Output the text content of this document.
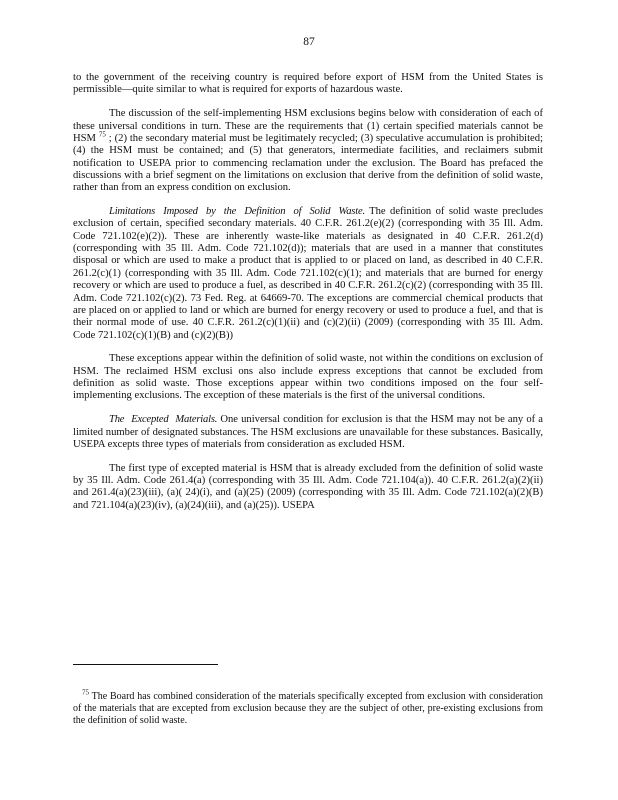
87

to the government of the receiving country is required before export of HSM from the United States is permissible—quite similar to what is required for exports of hazardous waste.

The discussion of the self-implementing HSM exclusions begins below with consideration of each of these universal conditions in turn. These are the requirements that (1) certain specified materials cannot be HSM $^{75}$ ; (2) the secondary material must be legitimately recycled; (3) speculative accumulation is prohibited; (4) the HSM must be contained; and (5) that generators, intermediate facilities, and reclaimers submit notification to USEPA prior to commencing reclamation under the exclusion. The Board has prefaced the discussions with a brief segment on the limitations on exclusion that derive from the definition of solid waste, rather than from an express condition on exclusion.

Limitations Imposed by the Definition of Solid Waste. The definition of solid waste precludes exclusion of certain, specified secondary materials. 40 C.F.R. 261.2(e)(2) (corresponding with 35 Ill. Adm. Code 721.102(e)(2)). These are inherently waste-like materials as designated in 40 C.F.R. 261.2(d) (corresponding with 35 Ill. Adm. Code 721.102(d)); materials that are used in a manner that constitutes disposal or which are used to make a product that is applied to or placed on land, as described in 40 C.F.R. 261.2(c)(1) (corresponding with 35 Ill. Adm. Code 721.102(c)(1); and materials that are burned for energy recovery or which are used to produce a fuel, as described in 40 C.F.R. 261.2(c)(2) (corresponding with 35 Ill. Adm. Code 721.102(c)(2). 73 Fed. Reg. at 64669-70. The exceptions are commercial chemical products that are placed on or applied to land or which are burned for energy recovery or used to produce a fuel, and that is their normal mode of use. 40 C.F.R. 261.2(c)(1)(ii) and (c)(2)(ii) (2009) (corresponding with 35 Ill. Adm. Code 721.102(c)(1)(B) and (c)(2)(B))

These exceptions appear within the definition of solid waste, not within the conditions on exclusion of HSM. The reclaimed HSM exclusi ons also include express exceptions that cannot be excluded from definition as solid waste. Those exceptions appear within two conditions imposed on the four self-implementing exclusions. The exception of these materials is the first of the universal conditions.

The Excepted Materials. One universal condition for exclusion is that the HSM may not be any of a limited number of designated substances. The HSM exclusions are unavailable for these substances. Basically, USEPA excepts three types of materials from consideration as excluded HSM.

The first type of excepted material is HSM that is already excluded from the definition of solid waste by 35 Ill. Adm. Code 261.4(a) (corresponding with 35 Ill. Adm. Code 721.104(a)). 40 C.F.R. 261.2(a)(2)(ii) and 261.4(a)(23)(iii), (a)( 24)(i), and (a)(25) (2009) (corresponding with 35 Ill. Adm. Code 721.102(a)(2)(B) and 721.104(a)(23)(iv), (a)(24)(iii), and (a)(25)). USEPA

$^{75}$ The Board has combined consideration of the materials specifically excepted from exclusion with consideration of the materials that are excepted from exclusion because they are the subject of other, pre-existing exclusions from the definition of solid waste.
